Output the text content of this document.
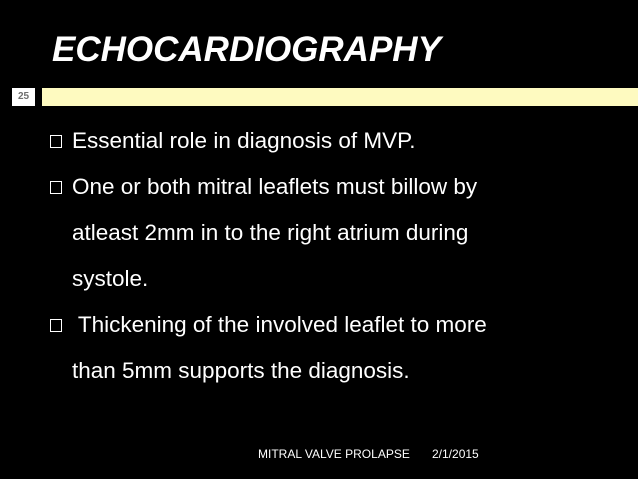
ECHOCARDIOGRAPHY
25
Essential role in diagnosis of MVP.
One or both mitral leaflets must billow by
atleast 2mm in to the right atrium during
systole.
Thickening of the involved leaflet to more
than 5mm supports the diagnosis.
MITRAL VALVE PROLAPSE 2/1/2015
